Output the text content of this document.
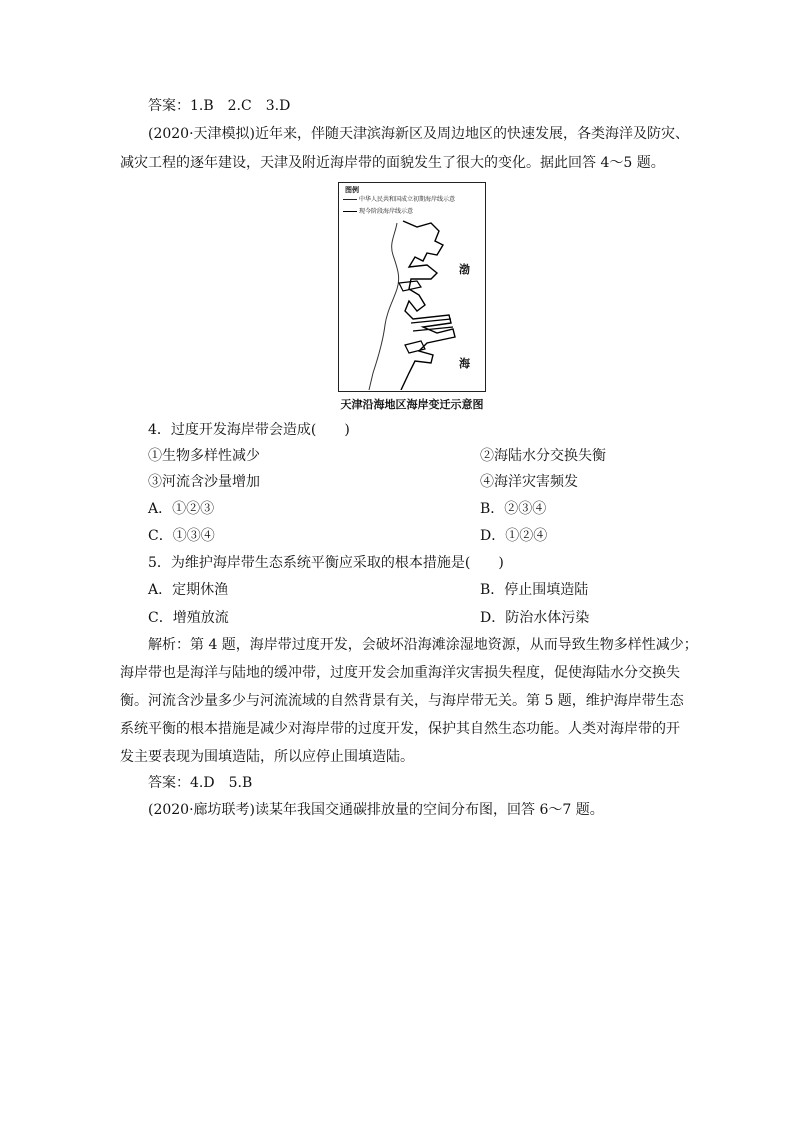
答案：1.B　2.C　3.D
(2020·天津模拟)近年来，伴随天津滨海新区及周边地区的快速发展，各类海洋及防灾、
减灾工程的逐年建设，天津及附近海岸带的面貌发生了很大的变化。据此回答 4～5 题。
图例
中华人民共和国成立初期海岸线示意
现今阶段海岸线示意
渤
海
天津沿海地区海岸变迁示意图
4．过度开发海岸带会造成(　　)
①生物多样性减少	②海陆水分交换失衡
③河流含沙量增加	④海洋灾害频发
A．①②③	B．②③④
C．①③④	D．①②④
5．为维护海岸带生态系统平衡应采取的根本措施是(　　)
A．定期休渔	B．停止围填造陆
C．增殖放流	D．防治水体污染
解析：第 4 题，海岸带过度开发，会破坏沿海滩涂湿地资源，从而导致生物多样性减少；
海岸带也是海洋与陆地的缓冲带，过度开发会加重海洋灾害损失程度，促使海陆水分交换失
衡。河流含沙量多少与河流流域的自然背景有关，与海岸带无关。第 5 题，维护海岸带生态
系统平衡的根本措施是减少对海岸带的过度开发，保护其自然生态功能。人类对海岸带的开
发主要表现为围填造陆，所以应停止围填造陆。
答案：4.D　5.B
(2020·廊坊联考)读某年我国交通碳排放量的空间分布图，回答 6～7 题。
